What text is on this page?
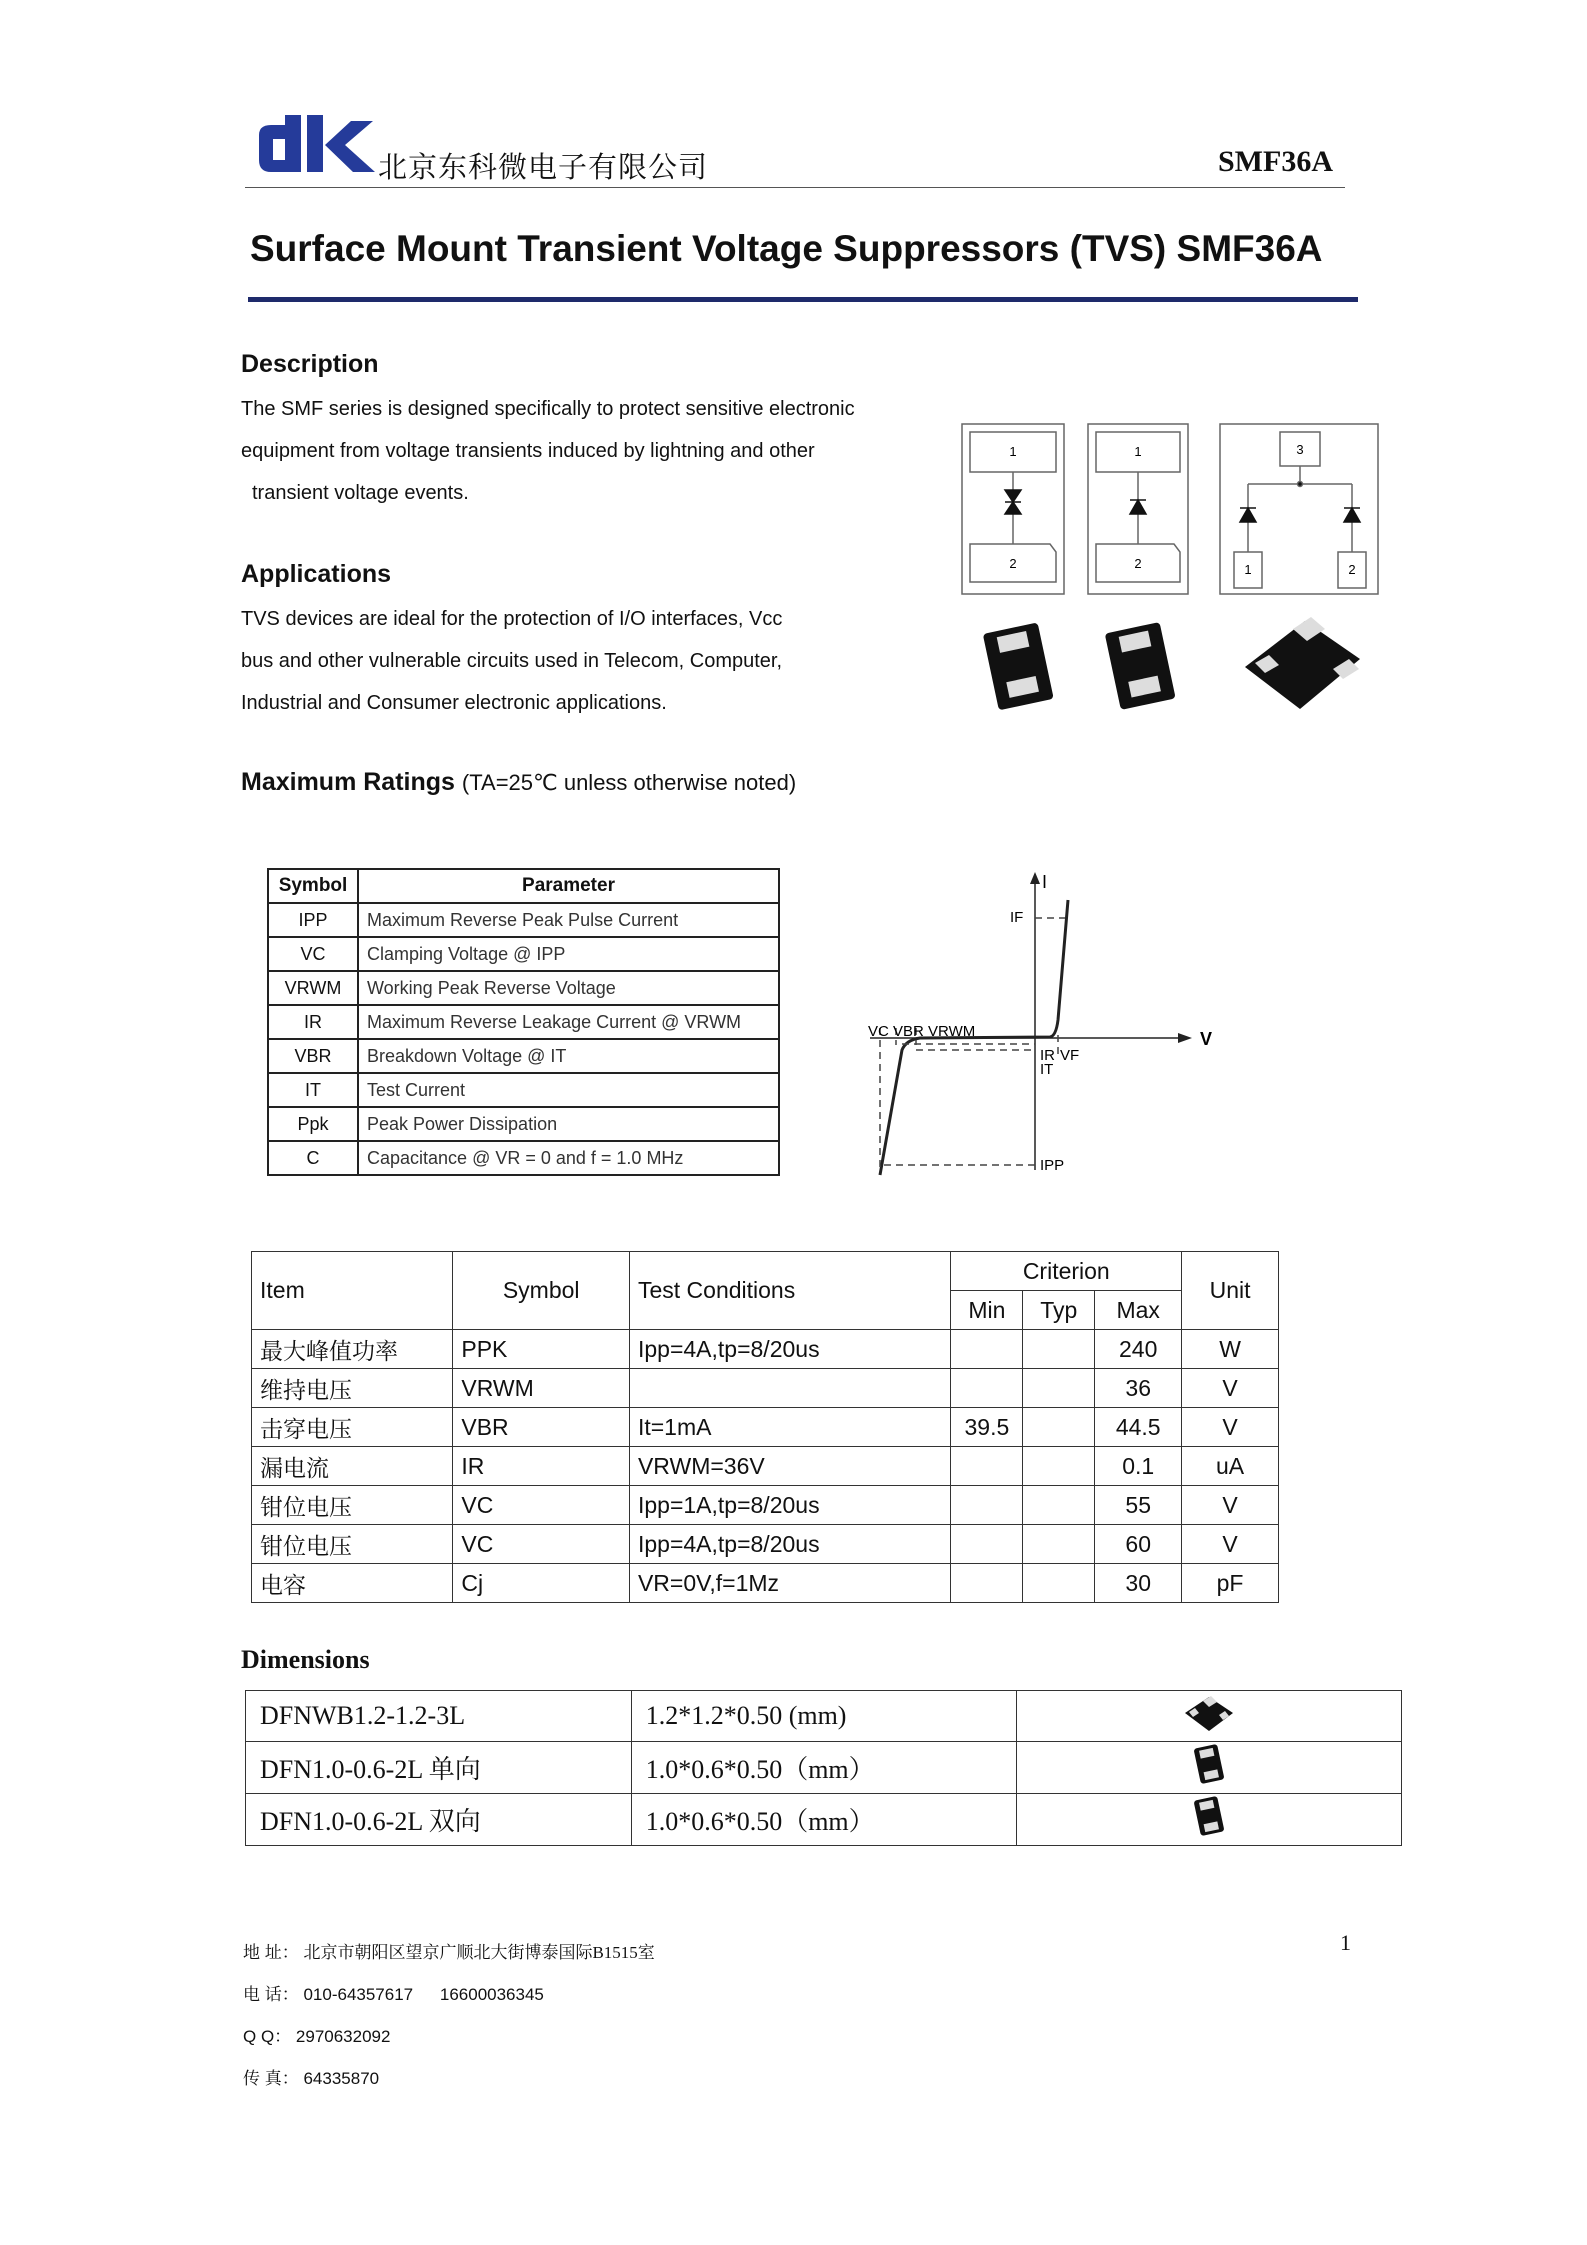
北京东科微电子有限公司	SMF36A
Surface Mount Transient Voltage Suppressors (TVS) SMF36A
Description
The SMF series is designed specifically to protect sensitive electronic
equipment from voltage transients induced by lightning and other
transient voltage events.
Applications
TVS devices are ideal for the protection of I/O interfaces, Vcc
bus and other vulnerable circuits used in Telecom, Computer,
Industrial and Consumer electronic applications.
1
2
1
2
3
1	2
Maximum Ratings (TA=25℃ unless otherwise noted)
Symbol	Parameter
IPP	Maximum Reverse Peak Pulse Current
VC	Clamping Voltage @ IPP
VRWM	Working Peak Reverse Voltage
IR	Maximum Reverse Leakage Current @ VRWM
VBR	Breakdown Voltage @ IT
IT	Test Current
Ppk	Peak Power Dissipation
C	Capacitance @ VR = 0 and f = 1.0 MHz
I
V
IF
VC VBR VRWM
IR
IT
VF
IPP
Item	Symbol	Test Conditions	Criterion			Unit
			Min	Typ	Max	
最大峰值功率	PPK	Ipp=4A,tp=8/20us			240	W
维持电压	VRWM				36	V
击穿电压	VBR	It=1mA	39.5		44.5	V
漏电流	IR	VRWM=36V			0.1	uA
钳位电压	VC	Ipp=1A,tp=8/20us			55	V
钳位电压	VC	Ipp=4A,tp=8/20us			60	V
电容	Cj	VR=0V,f=1Mz			30	pF
Dimensions
DFNWB1.2-1.2-3L	1.2*1.2*0.50 (mm)	
DFN1.0-0.6-2L 单向	1.0*0.6*0.50（mm）	
DFN1.0-0.6-2L 双向	1.0*0.6*0.50（mm）	
地 址： 北京市朝阳区望京广顺北大街博泰国际B1515室
电 话： 010-64357617 16600036345
Q Q： 2970632092
传 真： 64335870
1
